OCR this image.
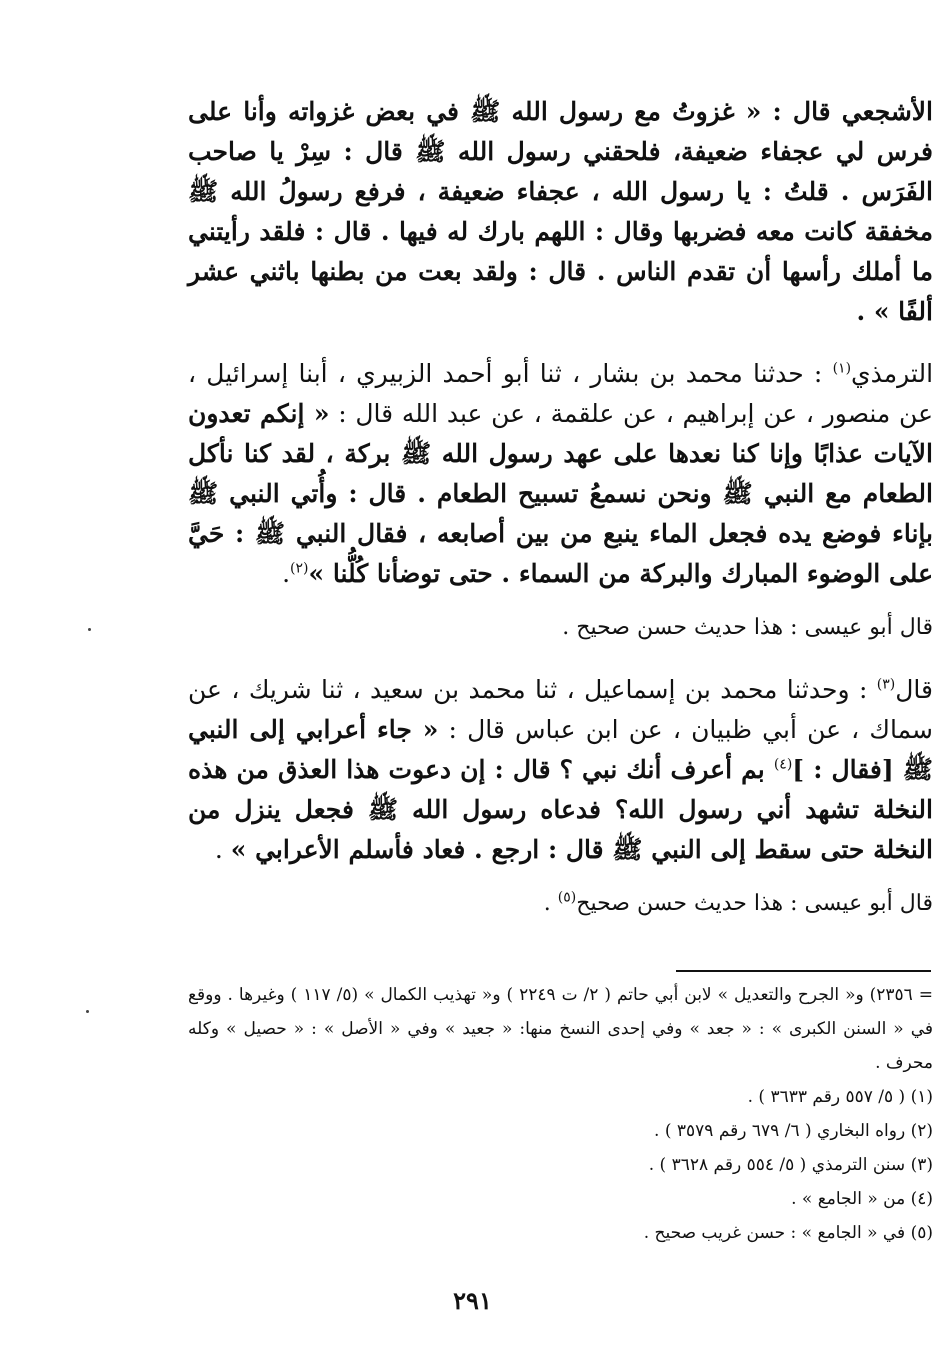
الأشجعي قال : « غزوتُ مع رسول الله ﷺ في بعض غزواته وأنا على فرس لي عجفاء ضعيفة، فلحقني رسول الله ﷺ قال : سِرْ يا صاحب الفَرَس . قلتُ : يا رسول الله ، عجفاء ضعيفة ، فرفع رسولُ الله ﷺ مخفقة كانت معه فضربها وقال : اللهم بارك له فيها . قال : فلقد رأيتني ما أملك رأسها أن تقدم الناس . قال : ولقد بعت من بطنها باثني عشر ألفًا » .

الترمذي$^{(١)}$ : حدثنا محمد بن بشار ، ثنا أبو أحمد الزبيري ، أبنا إسرائيل ، عن منصور ، عن إبراهيم ، عن علقمة ، عن عبد الله قال : « إنكم تعدون الآيات عذابًا وإنا كنا نعدها على عهد رسول الله ﷺ بركة ، لقد كنا نأكل الطعام مع النبي ﷺ ونحن نسمعُ تسبيح الطعام . قال : وأُتي النبي ﷺ بإناء فوضع يده فجعل الماء ينبع من بين أصابعه ، فقال النبي ﷺ : حَيَّ على الوضوء المبارك والبركة من السماء . حتى توضأنا كُلُّنا »$^{(٢)}$.

قال أبو عيسى : هذا حديث حسن صحيح .

قال$^{(٣)}$ : وحدثنا محمد بن إسماعيل ، ثنا محمد بن سعيد ، ثنا شريك ، عن سماك ، عن أبي ظبيان ، عن ابن عباس قال : « جاء أعرابي إلى النبي ﷺ [فقال : ]$^{(٤)}$ بم أعرف أنك نبي ؟ قال : إن دعوت هذا العذق من هذه النخلة تشهد أني رسول الله؟ فدعاه رسول الله ﷺ فجعل ينزل من النخلة حتى سقط إلى النبي ﷺ قال : ارجع . فعاد فأسلم الأعرابي » .

قال أبو عيسى : هذا حديث حسن صحيح$^{(٥)}$ .

= ٢٣٥٦) و« الجرح والتعديل » لابن أبي حاتم ( ٢/ ت ٢٢٤٩ ) و« تهذيب الكمال » (٥/ ١١٧ ) وغيرها . ووقع في « السنن الكبرى » : « جعد » وفي إحدى النسخ منها: « جعيد » وفي « الأصل » : « حصيل » وكله محرف .

(١) ( ٥/ ٥٥٧ رقم ٣٦٣٣ ) .

(٢) رواه البخاري ( ٦/ ٦٧٩ رقم ٣٥٧٩ ) .

(٣) سنن الترمذي ( ٥/ ٥٥٤ رقم ٣٦٢٨ ) .

(٤) من « الجامع » .

(٥) في « الجامع » : حسن غريب صحيح .

٢٩١
